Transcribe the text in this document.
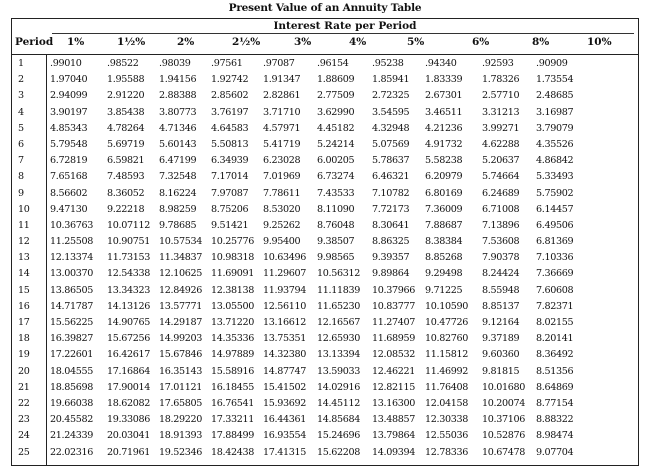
Present Value of an Annuity Table
Interest Rate per Period
Period 1%	1½%	2%	2½%	3%	4%	5%	6%	8%	10%
1	.99010	.98522 .98039 .97561 .97087 .96154 .95238 .94340	.92593 .90909
2	1.97040 1.95588 1.94156 1.92742 1.91347 1.88609 1.85941 1.83339 1.78326 1.73554
3	2.94099 2.91220 2.88388 2.85602 2.82861 2.77509 2.72325 2.67301 2.57710 2.48685
4	3.90197 3.85438 3.80773 3.76197 3.71710 3.62990 3.54595 3.46511 3.31213 3.16987
5	4.85343 4.78264 4.71346 4.64583 4.57971 4.45182 4.32948 4.21236 3.99271 3.79079
6	5.79548 5.69719 5.60143 5.50813 5.41719 5.24214 5.07569 4.91732 4.62288 4.35526
7	6.72819 6.59821 6.47199 6.34939 6.23028 6.00205 5.78637 5.58238 5.20637 4.86842
8	7.65168 7.48593 7.32548 7.17014 7.01969 6.73274 6.46321 6.20979 5.74664 5.33493
9	8.56602 8.36052 8.16224 7.97087 7.78611 7.43533 7.10782 6.80169 6.24689 5.75902
10 9.47130 9.22218 8.98259 8.75206 8.53020 8.11090 7.72173 7.36009 6.71008 6.14457
11 10.36763 10.07112 9.78685 9.51421 9.25262 8.76048 8.30641 7.88687 7.13896 6.49506
12 11.25508 10.90751 10.57534 10.25776 9.95400 9.38507 8.86325 8.38384 7.53608 6.81369
13 12.13374 11.73153 11.34837 10.98318 10.63496 9.98565 9.39357 8.85268 7.90378 7.10336
14 13.00370 12.54338 12.10625 11.69091 11.29607 10.56312 9.89864 9.29498 8.24424 7.36669
15 13.86505 13.34323 12.84926 12.38138 11.93794 11.11839 10.37966 9.71225 8.55948 7.60608
16 14.71787 14.13126 13.57771 13.05500 12.56110 11.65230 10.83777 10.10590 8.85137 7.82371
17 15.56225 14.90765 14.29187 13.71220 13.16612 12.16567 11.27407 10.47726 9.12164 8.02155
18 16.39827 15.67256 14.99203 14.35336 13.75351 12.65930 11.68959 10.82760 9.37189 8.20141
19 17.22601 16.42617 15.67846 14.97889 14.32380 13.13394 12.08532 11.15812 9.60360 8.36492
20 18.04555 17.16864 16.35143 15.58916 14.87747 13.59033 12.46221 11.46992 9.81815 8.51356
21 18.85698 17.90014 17.01121 16.18455 15.41502 14.02916 12.82115 11.76408 10.01680 8.64869
22 19.66038 18.62082 17.65805 16.76541 15.93692 14.45112 13.16300 12.04158 10.20074 8.77154
23 20.45582 19.33086 18.29220 17.33211 16.44361 14.85684 13.48857 12.30338 10.37106 8.88322
24 21.24339 20.03041 18.91393 17.88499 16.93554 15.24696 13.79864 12.55036 10.52876 8.98474
25 22.02316 20.71961 19.52346 18.42438 17.41315 15.62208 14.09394 12.78336 10.67478 9.07704
